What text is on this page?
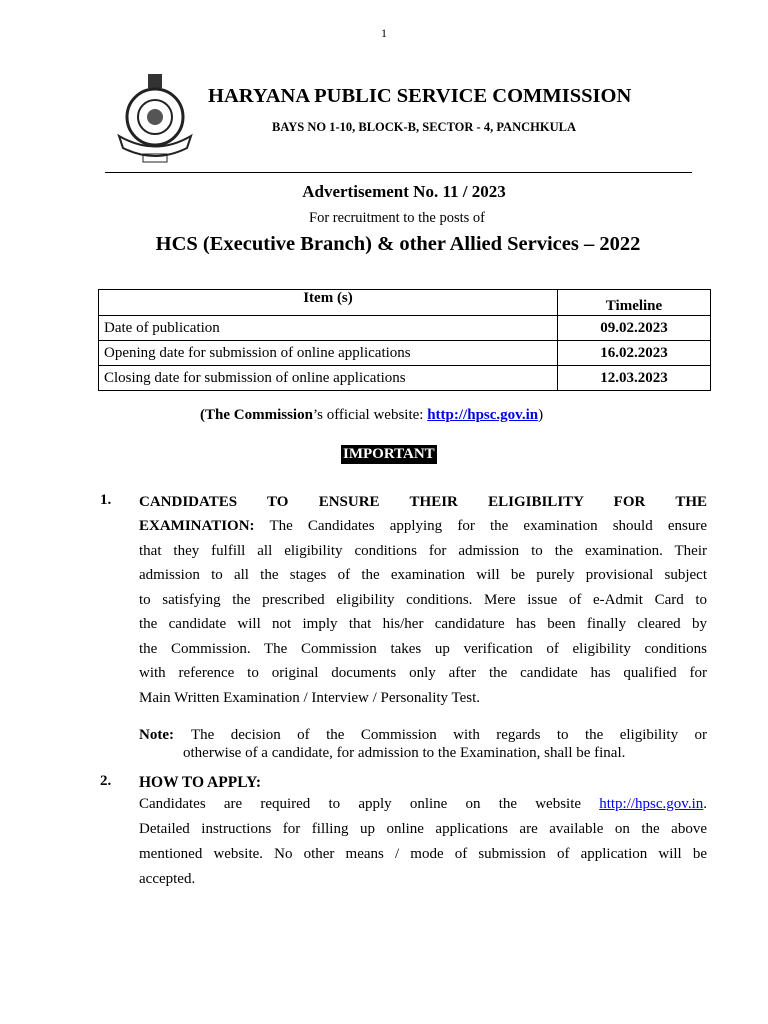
1
HARYANA PUBLIC SERVICE COMMISSION
BAYS NO 1-10, BLOCK-B, SECTOR - 4, PANCHKULA
Advertisement No. 11 / 2023
For recruitment to the posts of
HCS (Executive Branch) & other Allied Services – 2022
Item (s)	Timeline
Date of publication	09.02.2023
Opening date for submission of online applications	16.02.2023
Closing date for submission of online applications	12.03.2023
(The Commission’s official website: http://hpsc.gov.in)
IMPORTANT
1. CANDIDATES TO ENSURE THEIR ELIGIBILITY FOR THE
EXAMINATION: The Candidates applying for the examination should ensure
that they fulfill all eligibility conditions for admission to the examination. Their
admission to all the stages of the examination will be purely provisional subject
to satisfying the prescribed eligibility conditions. Mere issue of e-Admit Card to
the candidate will not imply that his/her candidature has been finally cleared by
the Commission. The Commission takes up verification of eligibility conditions
with reference to original documents only after the candidate has qualified for
Main Written Examination / Interview / Personality Test.
Note:	The decision of the Commission with regards to the eligibility or
otherwise of a candidate, for admission to the Examination, shall be final.
2. HOW TO APPLY:
Candidates are required to apply online on the website http://hpsc.gov.in.
Detailed instructions for filling up online applications are available on the above
mentioned website. No other means / mode of submission of application will be
accepted.
